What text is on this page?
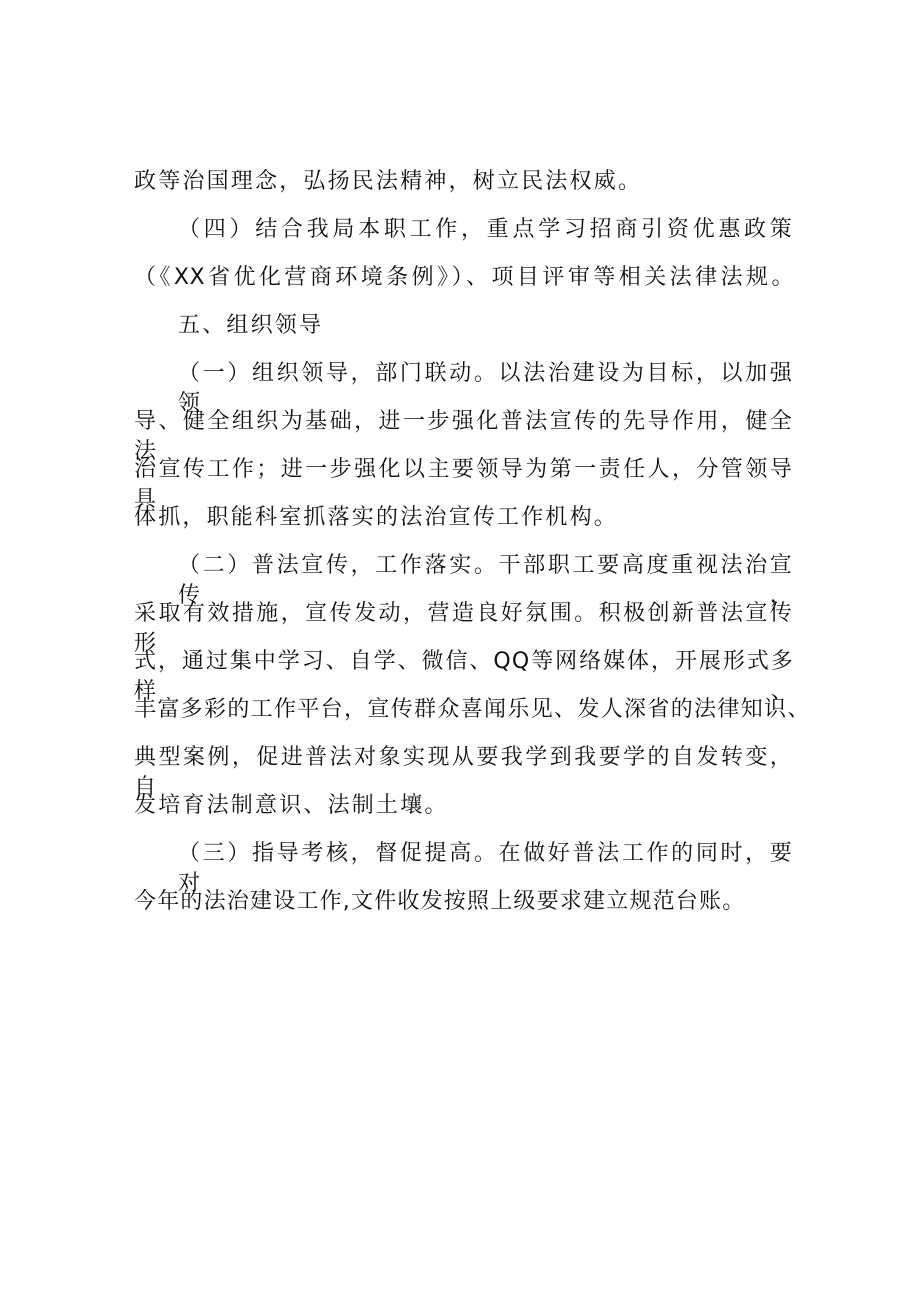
政等治国理念，弘扬民法精神，树立民法权威。
（四）结合我局本职工作，重点学习招商引资优惠政策
（《XX省优化营商环境条例》）、项目评审等相关法律法规。
五、组织领导
（一）组织领导，部门联动。以法治建设为目标，以加强领
导、健全组织为基础，进一步强化普法宣传的先导作用，健全法
治宣传工作；进一步强化以主要领导为第一责任人，分管领导具
体抓，职能科室抓落实的法治宣传工作机构。
（二）普法宣传，工作落实。干部职工要高度重视法治宣传，
采取有效措施，宣传发动，营造良好氛围。积极创新普法宣传形
式，通过集中学习、自学、微信、QQ等网络媒体，开展形式多样、
丰富多彩的工作平台，宣传群众喜闻乐见、发人深省的法律知识、
典型案例，促进普法对象实现从要我学到我要学的自发转变，自
发培育法制意识、法制土壤。
（三）指导考核，督促提高。在做好普法工作的同时，要对
今年的法治建设工作,文件收发按照上级要求建立规范台账。
